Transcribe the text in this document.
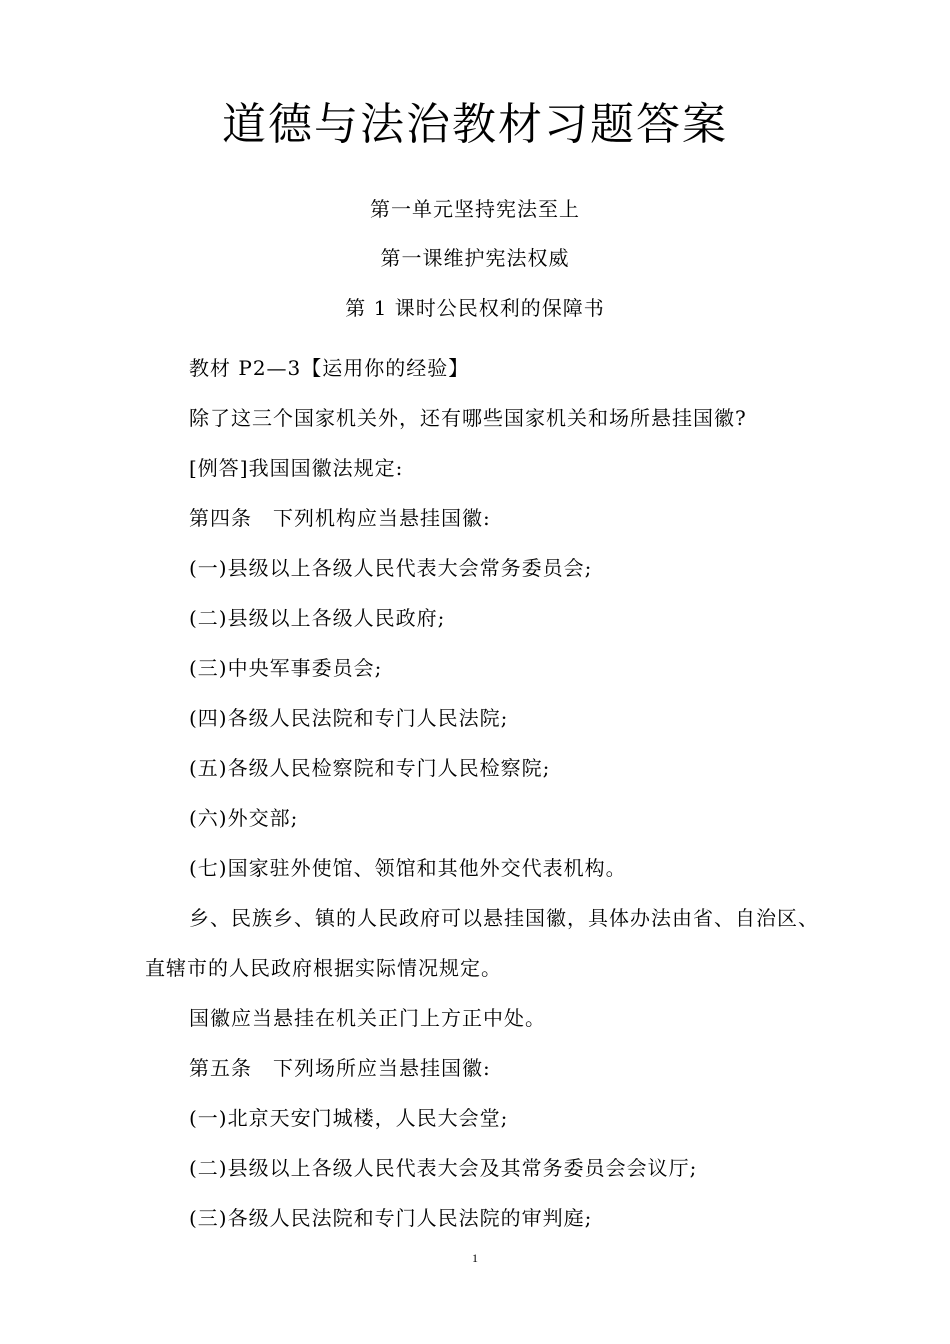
道德与法治教材习题答案

第一单元坚持宪法至上

第一课维护宪法权威

第 1 课时公民权利的保障书

教材 P2—3【运用你的经验】

除了这三个国家机关外，还有哪些国家机关和场所悬挂国徽?

[例答]我国国徽法规定:

第四条　下列机构应当悬挂国徽:

(一)县级以上各级人民代表大会常务委员会;

(二)县级以上各级人民政府;

(三)中央军事委员会;

(四)各级人民法院和专门人民法院;

(五)各级人民检察院和专门人民检察院;

(六)外交部;

(七)国家驻外使馆、领馆和其他外交代表机构。

乡、民族乡、镇的人民政府可以悬挂国徽，具体办法由省、自治区、直辖市的人民政府根据实际情况规定。

国徽应当悬挂在机关正门上方正中处。

第五条　下列场所应当悬挂国徽:

(一)北京天安门城楼，人民大会堂;

(二)县级以上各级人民代表大会及其常务委员会会议厅;

(三)各级人民法院和专门人民法院的审判庭;

1
